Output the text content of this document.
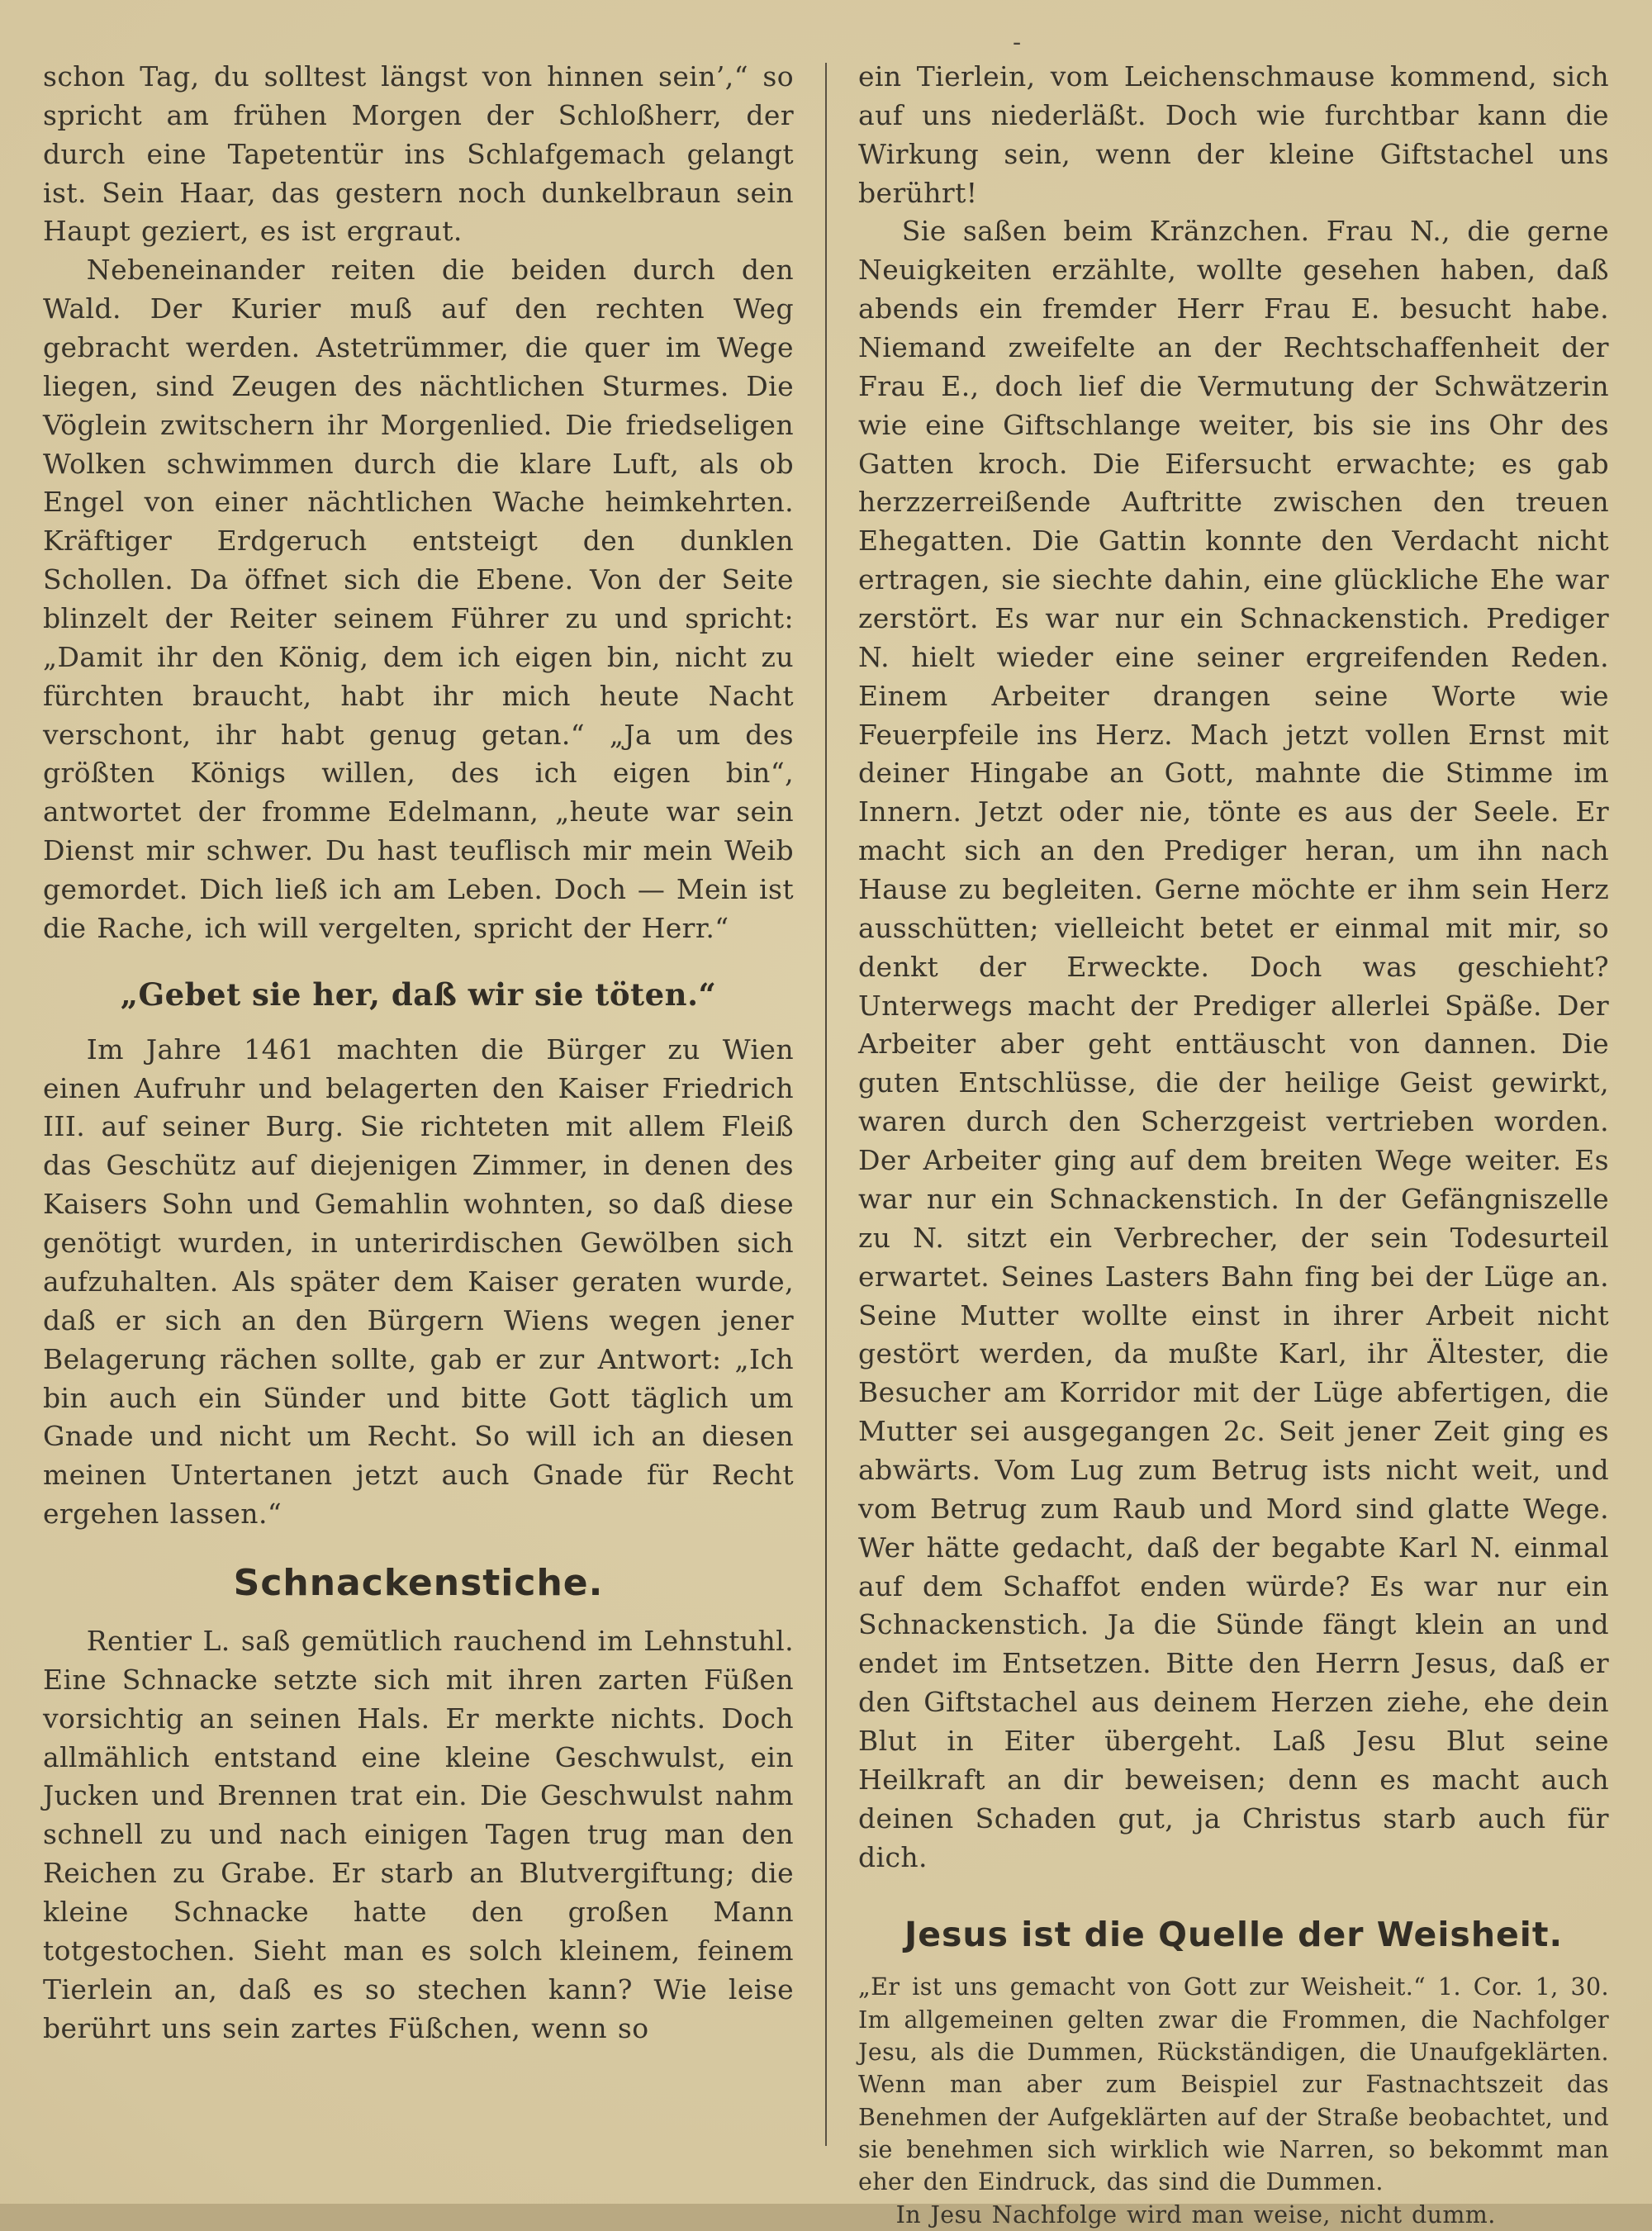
-

schon Tag, du solltest längst von hinnen sein’,“ so spricht am frühen Morgen der Schloßherr, der durch eine Tapetentür ins Schlafgemach gelangt ist. Sein Haar, das gestern noch dunkelbraun sein Haupt geziert, es ist ergraut.

Nebeneinander reiten die beiden durch den Wald. Der Kurier muß auf den rechten Weg gebracht werden. Astetrümmer, die quer im Wege liegen, sind Zeugen des nächtlichen Sturmes. Die Vöglein zwitschern ihr Morgenlied. Die friedseligen Wolken schwimmen durch die klare Luft, als ob Engel von einer nächtlichen Wache heimkehrten. Kräftiger Erdgeruch entsteigt den dunklen Schollen. Da öffnet sich die Ebene. Von der Seite blinzelt der Reiter seinem Führer zu und spricht: „Damit ihr den König, dem ich eigen bin, nicht zu fürchten braucht, habt ihr mich heute Nacht verschont, ihr habt genug getan.“ „Ja um des größten Königs willen, des ich eigen bin“, antwortet der fromme Edelmann, „heute war sein Dienst mir schwer. Du hast teuflisch mir mein Weib gemordet. Dich ließ ich am Leben. Doch — Mein ist die Rache, ich will vergelten, spricht der Herr.“

„Gebet sie her, daß wir sie töten.“

Im Jahre 1461 machten die Bürger zu Wien einen Aufruhr und belagerten den Kaiser Friedrich III. auf seiner Burg. Sie richteten mit allem Fleiß das Geschütz auf diejenigen Zimmer, in denen des Kaisers Sohn und Gemahlin wohnten, so daß diese genötigt wurden, in unterirdischen Gewölben sich aufzuhalten. Als später dem Kaiser geraten wurde, daß er sich an den Bürgern Wiens wegen jener Belagerung rächen sollte, gab er zur Antwort: „Ich bin auch ein Sünder und bitte Gott täglich um Gnade und nicht um Recht. So will ich an diesen meinen Untertanen jetzt auch Gnade für Recht ergehen lassen.“

Schnackenstiche.

Rentier L. saß gemütlich rauchend im Lehnstuhl. Eine Schnacke setzte sich mit ihren zarten Füßen vorsichtig an seinen Hals. Er merkte nichts. Doch allmählich entstand eine kleine Geschwulst, ein Jucken und Brennen trat ein. Die Geschwulst nahm schnell zu und nach einigen Tagen trug man den Reichen zu Grabe. Er starb an Blutvergiftung; die kleine Schnacke hatte den großen Mann totgestochen. Sieht man es solch kleinem, feinem Tierlein an, daß es so stechen kann? Wie leise berührt uns sein zartes Füßchen, wenn so

ein Tierlein, vom Leichenschmause kommend, sich auf uns niederläßt. Doch wie furchtbar kann die Wirkung sein, wenn der kleine Giftstachel uns berührt!

Sie saßen beim Kränzchen. Frau N., die gerne Neuigkeiten erzählte, wollte gesehen haben, daß abends ein fremder Herr Frau E. besucht habe. Niemand zweifelte an der Rechtschaffenheit der Frau E., doch lief die Vermutung der Schwätzerin wie eine Giftschlange weiter, bis sie ins Ohr des Gatten kroch. Die Eifersucht erwachte; es gab herzzerreißende Auftritte zwischen den treuen Ehegatten. Die Gattin konnte den Verdacht nicht ertragen, sie siechte dahin, eine glückliche Ehe war zerstört. Es war nur ein Schnackenstich. Prediger N. hielt wieder eine seiner ergreifenden Reden. Einem Arbeiter drangen seine Worte wie Feuerpfeile ins Herz. Mach jetzt vollen Ernst mit deiner Hingabe an Gott, mahnte die Stimme im Innern. Jetzt oder nie, tönte es aus der Seele. Er macht sich an den Prediger heran, um ihn nach Hause zu begleiten. Gerne möchte er ihm sein Herz ausschütten; vielleicht betet er einmal mit mir, so denkt der Erweckte. Doch was geschieht? Unterwegs macht der Prediger allerlei Späße. Der Arbeiter aber geht enttäuscht von dannen. Die guten Entschlüsse, die der heilige Geist gewirkt, waren durch den Scherzgeist vertrieben worden. Der Arbeiter ging auf dem breiten Wege weiter. Es war nur ein Schnackenstich. In der Gefängniszelle zu N. sitzt ein Verbrecher, der sein Todesurteil erwartet. Seines Lasters Bahn fing bei der Lüge an. Seine Mutter wollte einst in ihrer Arbeit nicht gestört werden, da mußte Karl, ihr Ältester, die Besucher am Korridor mit der Lüge abfertigen, die Mutter sei ausgegangen 2c. Seit jener Zeit ging es abwärts. Vom Lug zum Betrug ists nicht weit, und vom Betrug zum Raub und Mord sind glatte Wege. Wer hätte gedacht, daß der begabte Karl N. einmal auf dem Schaffot enden würde? Es war nur ein Schnackenstich. Ja die Sünde fängt klein an und endet im Entsetzen. Bitte den Herrn Jesus, daß er den Giftstachel aus deinem Herzen ziehe, ehe dein Blut in Eiter übergeht. Laß Jesu Blut seine Heilkraft an dir beweisen; denn es macht auch deinen Schaden gut, ja Christus starb auch für dich.

Jesus ist die Quelle der Weisheit.

„Er ist uns gemacht von Gott zur Weisheit.“ 1. Cor. 1, 30. Im allgemeinen gelten zwar die Frommen, die Nachfolger Jesu, als die Dummen, Rückständigen, die Unaufgeklärten. Wenn man aber zum Beispiel zur Fastnachtszeit das Benehmen der Aufgeklärten auf der Straße beobachtet, und sie benehmen sich wirklich wie Narren, so bekommt man eher den Eindruck, das sind die Dummen.

In Jesu Nachfolge wird man weise, nicht dumm.
